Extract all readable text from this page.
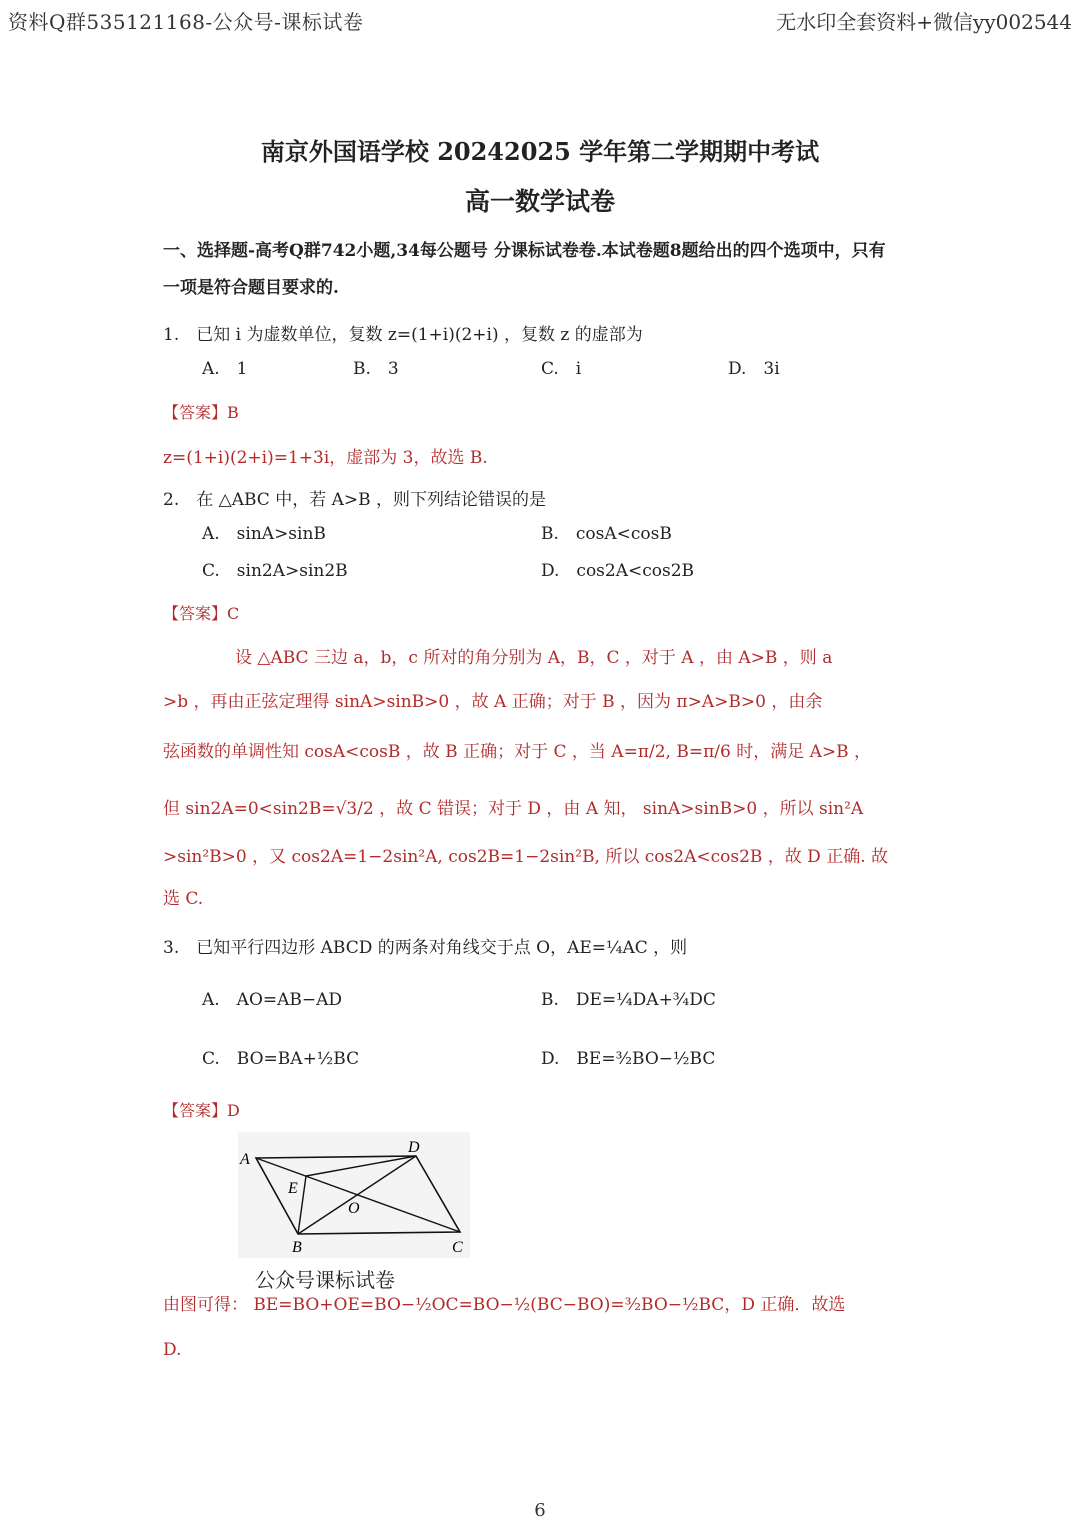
资料Q群535121168-公众号-课标试卷	无水印全套资料+微信yy002544
南京外国语学校 20242025 学年第二学期期中考试
高一数学试卷
一、选择题-高考Q群742小题,34每公题号 分课标试卷卷.本试卷题8题给出的四个选项中，只有
一项是符合题目要求的.
1.　已知 i 为虚数单位，复数 z=(1+i)(2+i) ，复数 z 的虚部为
A.　1	B.　3	C.　i	D.　3i
【答案】B
z=(1+i)(2+i)=1+3i，虚部为 3，故选 B.
2.　在 △ABC 中，若 A>B ，则下列结论错误的是
A.　sinA>sinB	B.　cosA<cosB
C.　sin2A>sin2B	D.　cos2A<cos2B
【答案】C
设 △ABC 三边 a，b，c 所对的角分别为 A，B，C ，对于 A ，由 A>B ，则 a
>b ，再由正弦定理得 sinA>sinB>0 ，故 A 正确；对于 B ，因为 π>A>B>0 ，由余
弦函数的单调性知 cosA<cosB ，故 B 正确；对于 C ，当 A=π/2, B=π/6 时，满足 A>B ，
但 sin2A=0<sin2B=√3/2 ，故 C 错误；对于 D ，由 A 知， sinA>sinB>0 ，所以 sin²A
>sin²B>0 ，又 cos2A=1−2sin²A, cos2B=1−2sin²B, 所以 cos2A<cos2B ，故 D 正确. 故
选 C.
3.　已知平行四边形 ABCD 的两条对角线交于点 O，AE=¼AC ，则
A.　AO=AB−AD	B.　DE=¼DA+¾DC
C.　BO=BA+½BC	D.　BE=³⁄₂BO−½BC
【答案】D
A
D
E
O
B	C
公众号课标试卷
由图可得： BE=BO+OE=BO−½OC=BO−½(BC−BO)=³⁄₂BO−½BC，D 正确．故选
D.
6
